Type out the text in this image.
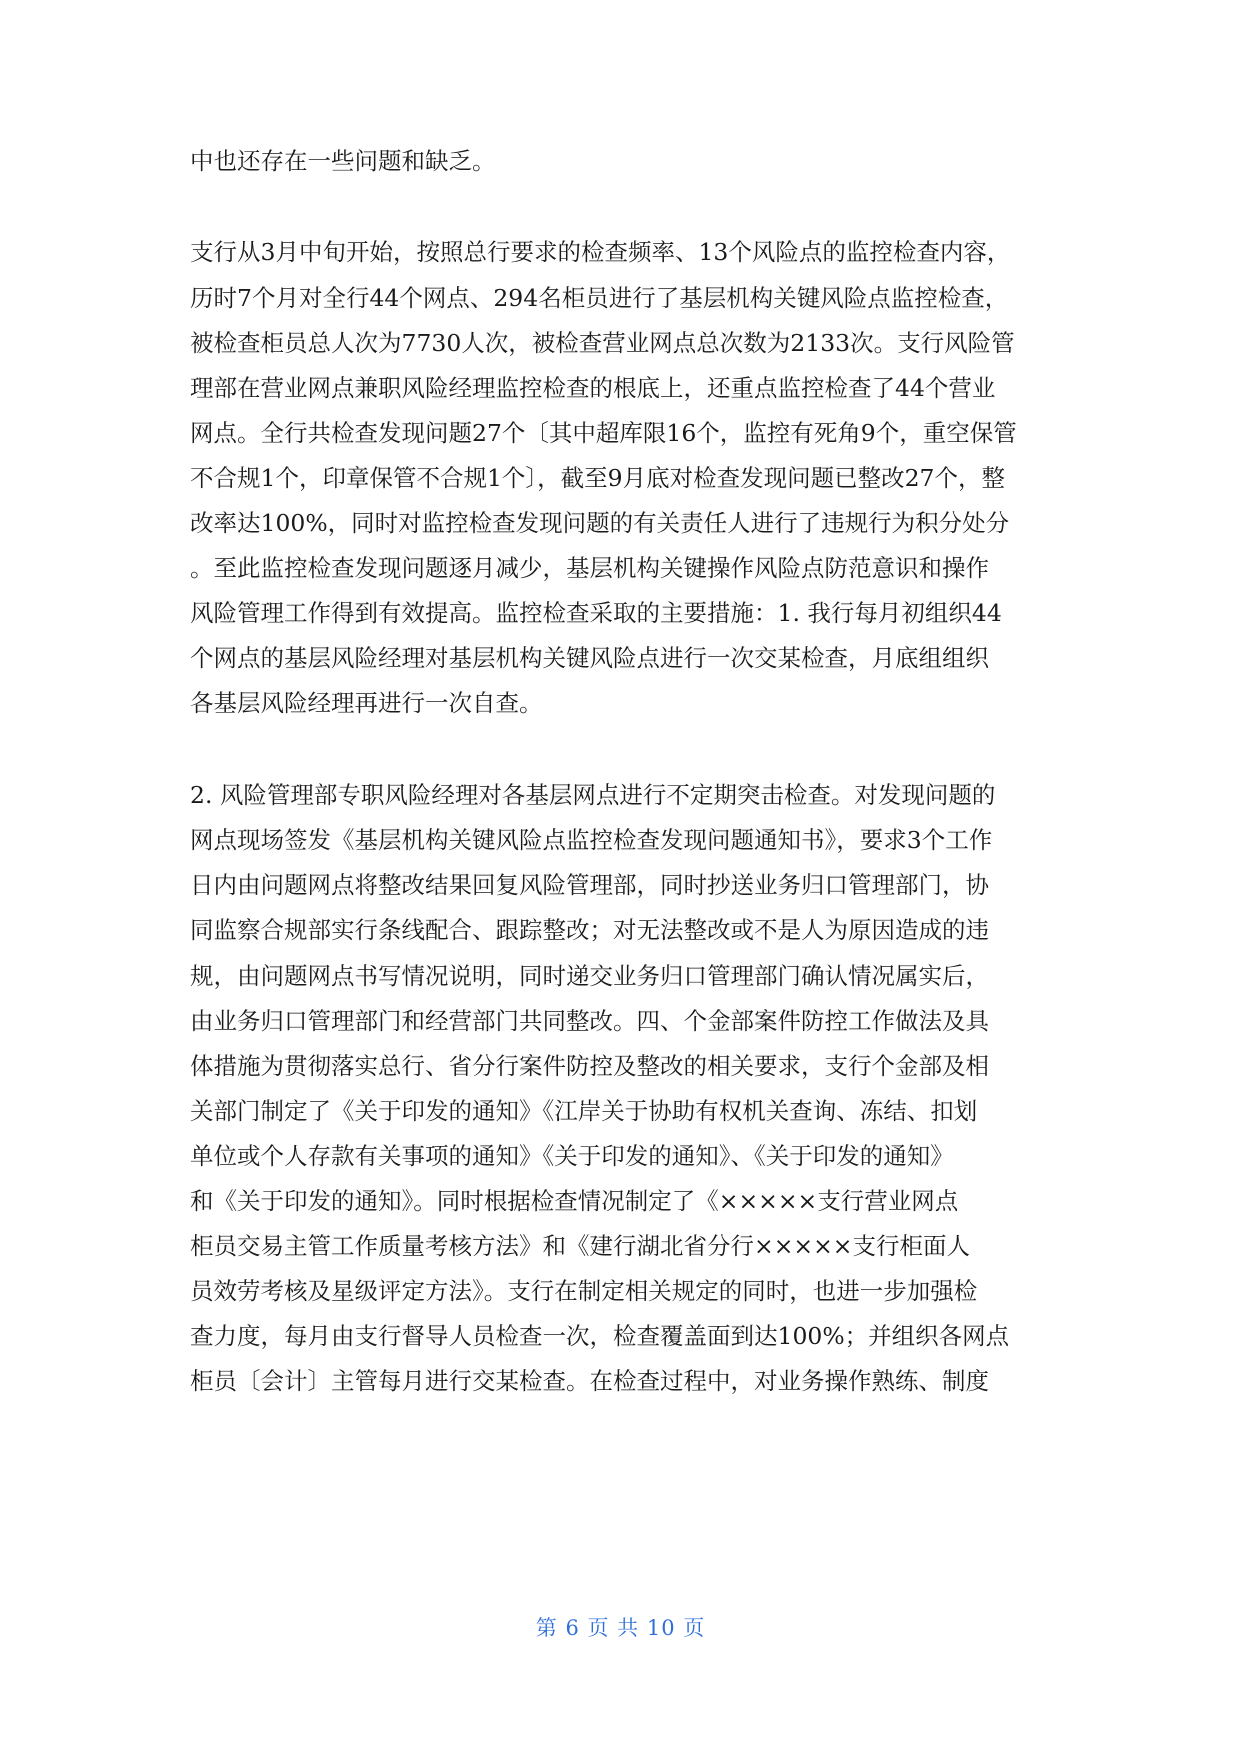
中也还存在一些问题和缺乏。
支行从3月中旬开始，按照总行要求的检查频率、13个风险点的监控检查内容，
历时7个月对全行44个网点、294名柜员进行了基层机构关键风险点监控检查，
被检查柜员总人次为7730人次，被检查营业网点总次数为2133次。支行风险管
理部在营业网点兼职风险经理监控检查的根底上，还重点监控检查了44个营业
网点。全行共检查发现问题27个〔其中超库限16个，监控有死角9个，重空保管
不合规1个，印章保管不合规1个〕，截至9月底对检查发现问题已整改27个，整
改率达100%，同时对监控检查发现问题的有关责任人进行了违规行为积分处分
。至此监控检查发现问题逐月减少，基层机构关键操作风险点防范意识和操作
风险管理工作得到有效提高。监控检查采取的主要措施：1. 我行每月初组织44
个网点的基层风险经理对基层机构关键风险点进行一次交某检查，月底组组织
各基层风险经理再进行一次自查。
2. 风险管理部专职风险经理对各基层网点进行不定期突击检查。对发现问题的
网点现场签发《基层机构关键风险点监控检查发现问题通知书》，要求3个工作
日内由问题网点将整改结果回复风险管理部，同时抄送业务归口管理部门，协
同监察合规部实行条线配合、跟踪整改；对无法整改或不是人为原因造成的违
规，由问题网点书写情况说明，同时递交业务归口管理部门确认情况属实后，
由业务归口管理部门和经营部门共同整改。四、个金部案件防控工作做法及具
体措施为贯彻落实总行、省分行案件防控及整改的相关要求，支行个金部及相
关部门制定了《关于印发的通知》《江岸关于协助有权机关查询、冻结、扣划
单位或个人存款有关事项的通知》《关于印发的通知》、《关于印发的通知》
和《关于印发的通知》。同时根据检查情况制定了《×××××支行营业网点
柜员交易主管工作质量考核方法》和《建行湖北省分行×××××支行柜面人
员效劳考核及星级评定方法》。支行在制定相关规定的同时，也进一步加强检
查力度，每月由支行督导人员检查一次，检查覆盖面到达100%；并组织各网点
柜员〔会计〕主管每月进行交某检查。在检查过程中，对业务操作熟练、制度
第 6 页 共 10 页
